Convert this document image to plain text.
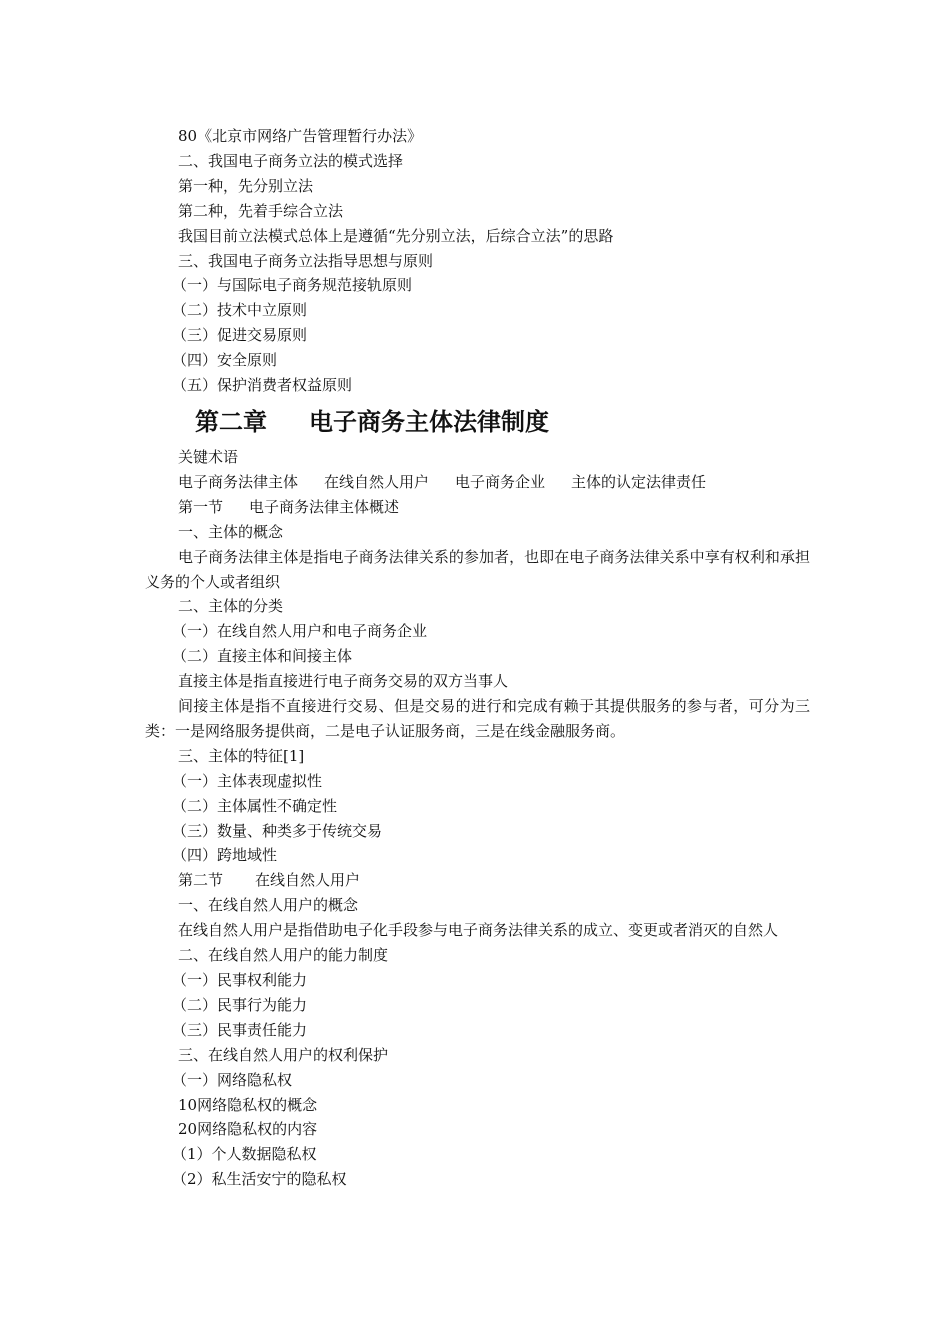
80《北京市网络广告管理暂行办法》
二、我国电子商务立法的模式选择
第一种，先分别立法
第二种，先着手综合立法
我国目前立法模式总体上是遵循“先分别立法，后综合立法”的思路
三、我国电子商务立法指导思想与原则
（一）与国际电子商务规范接轨原则
（二）技术中立原则
（三）促进交易原则
（四）安全原则
（五）保护消费者权益原则
第二章 电子商务主体法律制度
关键术语
电子商务法律主体 在线自然人用户 电子商务企业 主体的认定法律责任
第一节 电子商务法律主体概述
一、主体的概念
电子商务法律主体是指电子商务法律关系的参加者，也即在电子商务法律关系中享有权利和承担义务的个人或者组织
二、主体的分类
（一）在线自然人用户和电子商务企业
（二）直接主体和间接主体
直接主体是指直接进行电子商务交易的双方当事人
间接主体是指不直接进行交易、但是交易的进行和完成有赖于其提供服务的参与者，可分为三类：一是网络服务提供商，二是电子认证服务商，三是在线金融服务商。
三、主体的特征[1]
（一）主体表现虚拟性
（二）主体属性不确定性
（三）数量、种类多于传统交易
（四）跨地域性
第二节 在线自然人用户
一、在线自然人用户的概念
在线自然人用户是指借助电子化手段参与电子商务法律关系的成立、变更或者消灭的自然人
二、在线自然人用户的能力制度
（一）民事权利能力
（二）民事行为能力
（三）民事责任能力
三、在线自然人用户的权利保护
（一）网络隐私权
10网络隐私权的概念
20网络隐私权的内容
（1）个人数据隐私权
（2）私生活安宁的隐私权
